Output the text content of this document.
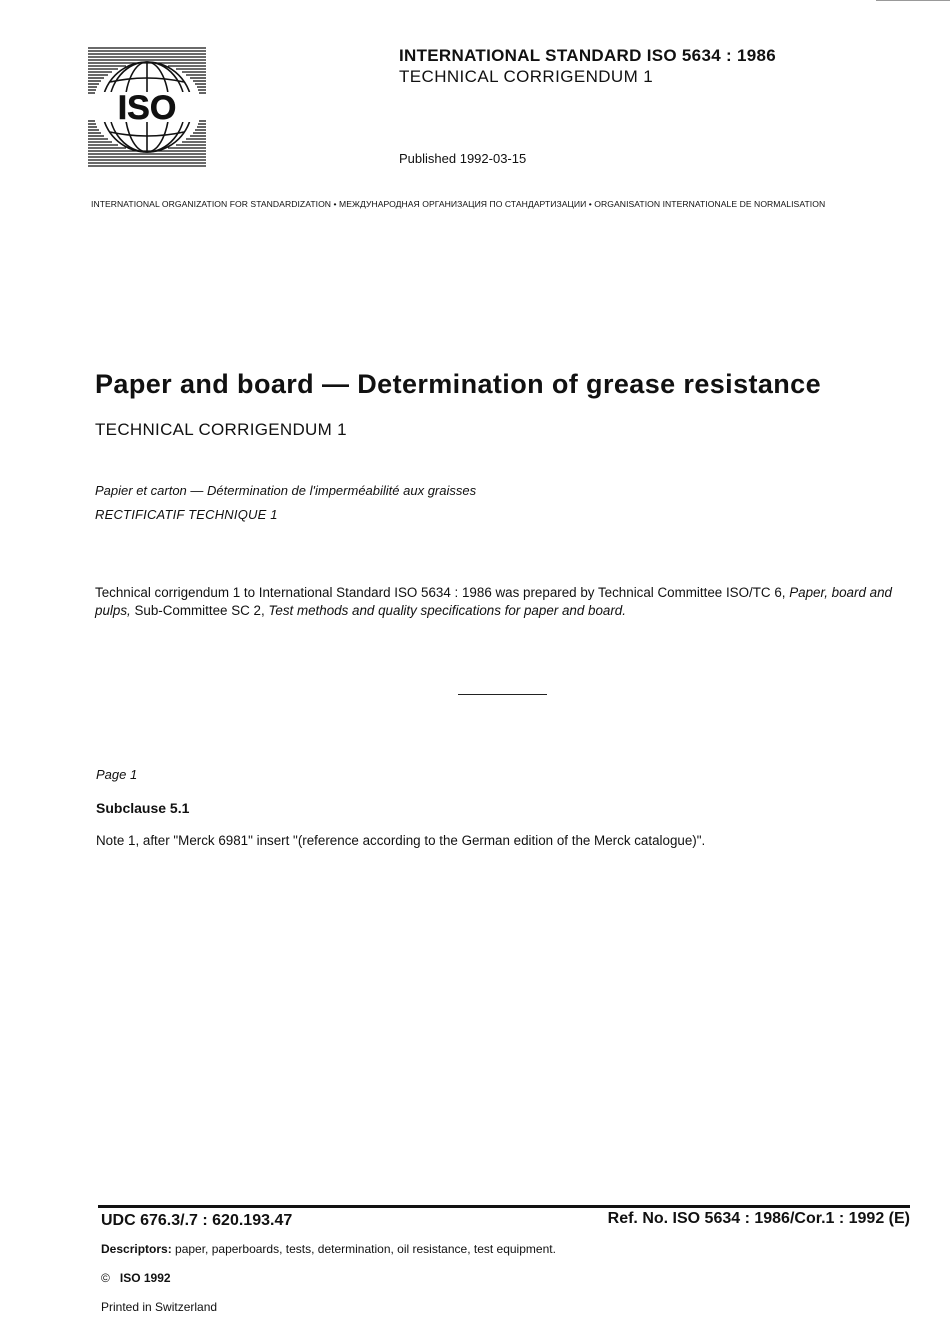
ISO
INTERNATIONAL STANDARD ISO 5634 : 1986
TECHNICAL CORRIGENDUM 1
Published 1992-03-15
INTERNATIONAL ORGANIZATION FOR STANDARDIZATION • МЕЖДУНАРОДНАЯ ОРГАНИЗАЦИЯ ПО СТАНДАРТИЗАЦИИ • ORGANISATION INTERNATIONALE DE NORMALISATION
Paper and board — Determination of grease resistance
TECHNICAL CORRIGENDUM 1
Papier et carton — Détermination de l'imperméabilité aux graisses
RECTIFICATIF TECHNIQUE 1
Technical corrigendum 1 to International Standard ISO 5634 : 1986 was prepared by Technical Committee ISO/TC 6, Paper, board and pulps, Sub-Committee SC 2, Test methods and quality specifications for paper and board.
Page 1
Subclause 5.1
Note 1, after "Merck 6981" insert "(reference according to the German edition of the Merck catalogue)".
UDC 676.3/.7 : 620.193.47	Ref. No. ISO 5634 : 1986/Cor.1 : 1992 (E)
Descriptors: paper, paperboards, tests, determination, oil resistance, test equipment.
© ISO 1992
Printed in Switzerland
